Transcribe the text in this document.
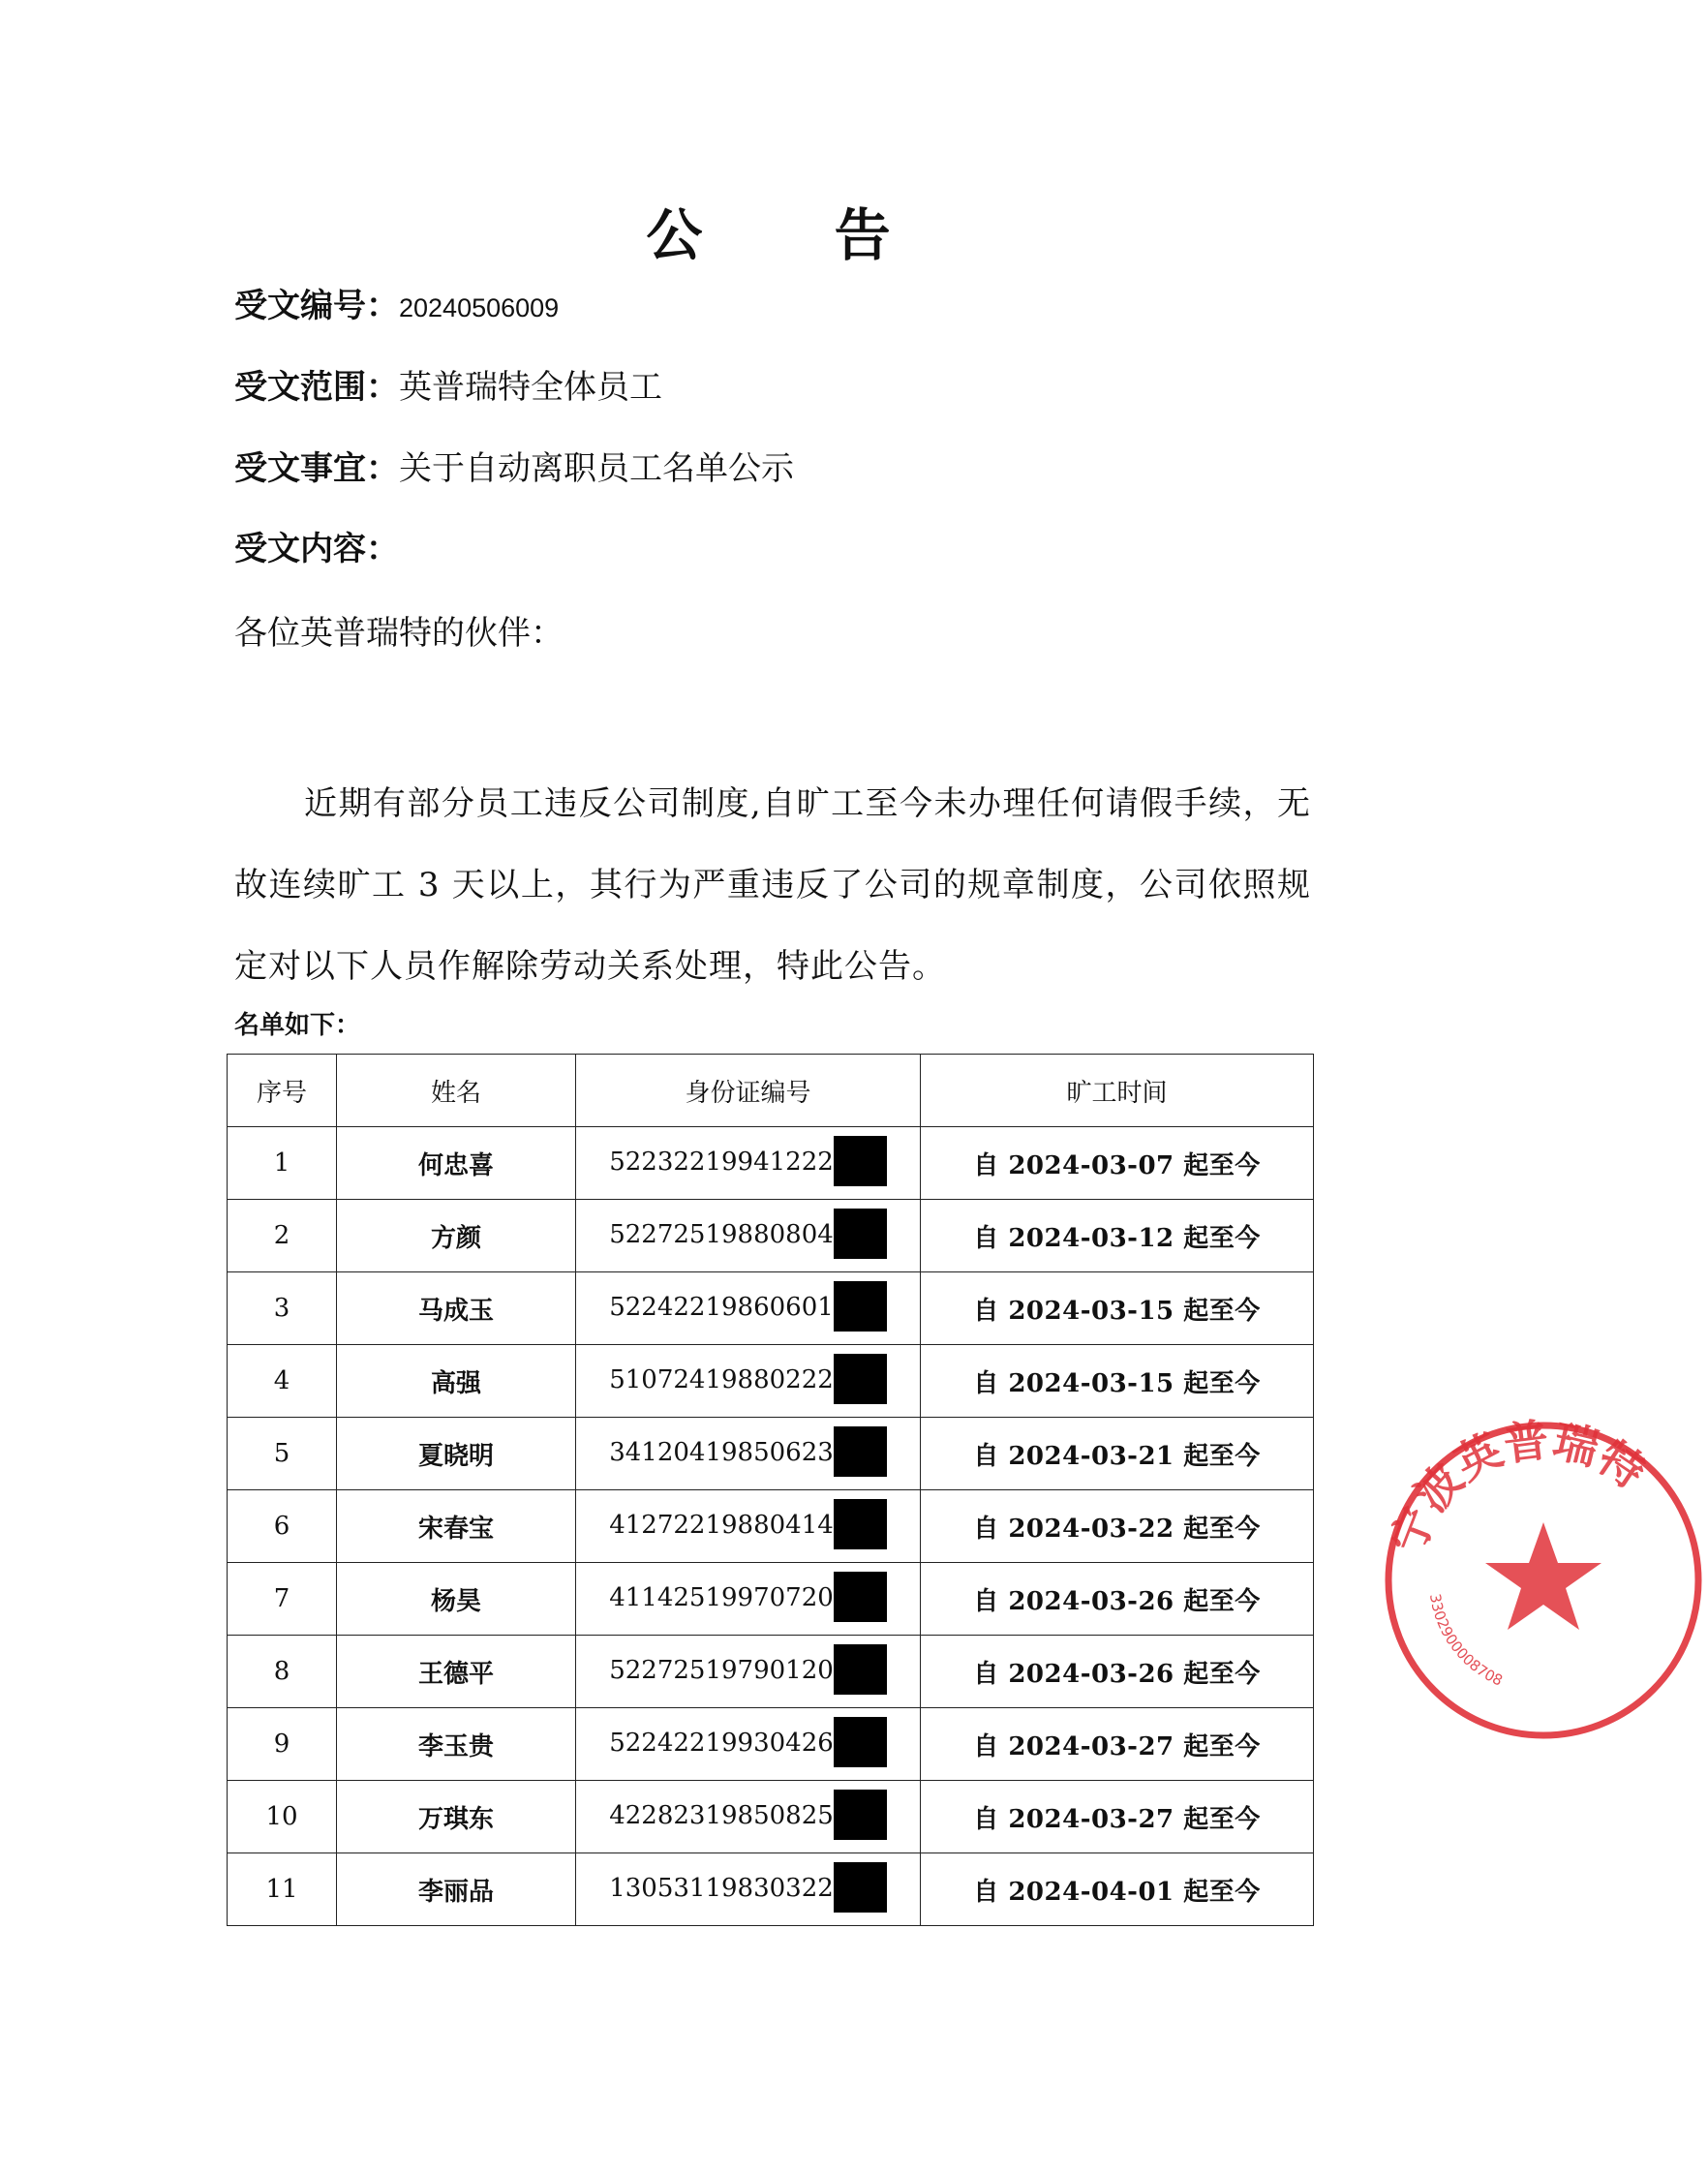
公 告
受文编号：20240506009
受文范围：英普瑞特全体员工
受文事宜：关于自动离职员工名单公示
受文内容：
各位英普瑞特的伙伴：
近期有部分员工违反公司制度,自旷工至今未办理任何请假手续，无故连续旷工 3 天以上，其行为严重违反了公司的规章制度，公司依照规定对以下人员作解除劳动关系处理，特此公告。
名单如下：
序号	姓名	身份证编号	旷工时间
1	何忠喜	52232219941222	自 2024-03-07 起至今
2	方颜	52272519880804	自 2024-03-12 起至今
3	马成玉	52242219860601	自 2024-03-15 起至今
4	高强	51072419880222	自 2024-03-15 起至今
5	夏晓明	34120419850623	自 2024-03-21 起至今
6	宋春宝	41272219880414	自 2024-03-22 起至今
7	杨昊	41142519970720	自 2024-03-26 起至今
8	王德平	52272519790120	自 2024-03-26 起至今
9	李玉贵	52242219930426	自 2024-03-27 起至今
10	万琪东	42282319850825	自 2024-03-27 起至今
11	李丽品	13053119830322	自 2024-04-01 起至今
宁波英普瑞特
3302900008708
